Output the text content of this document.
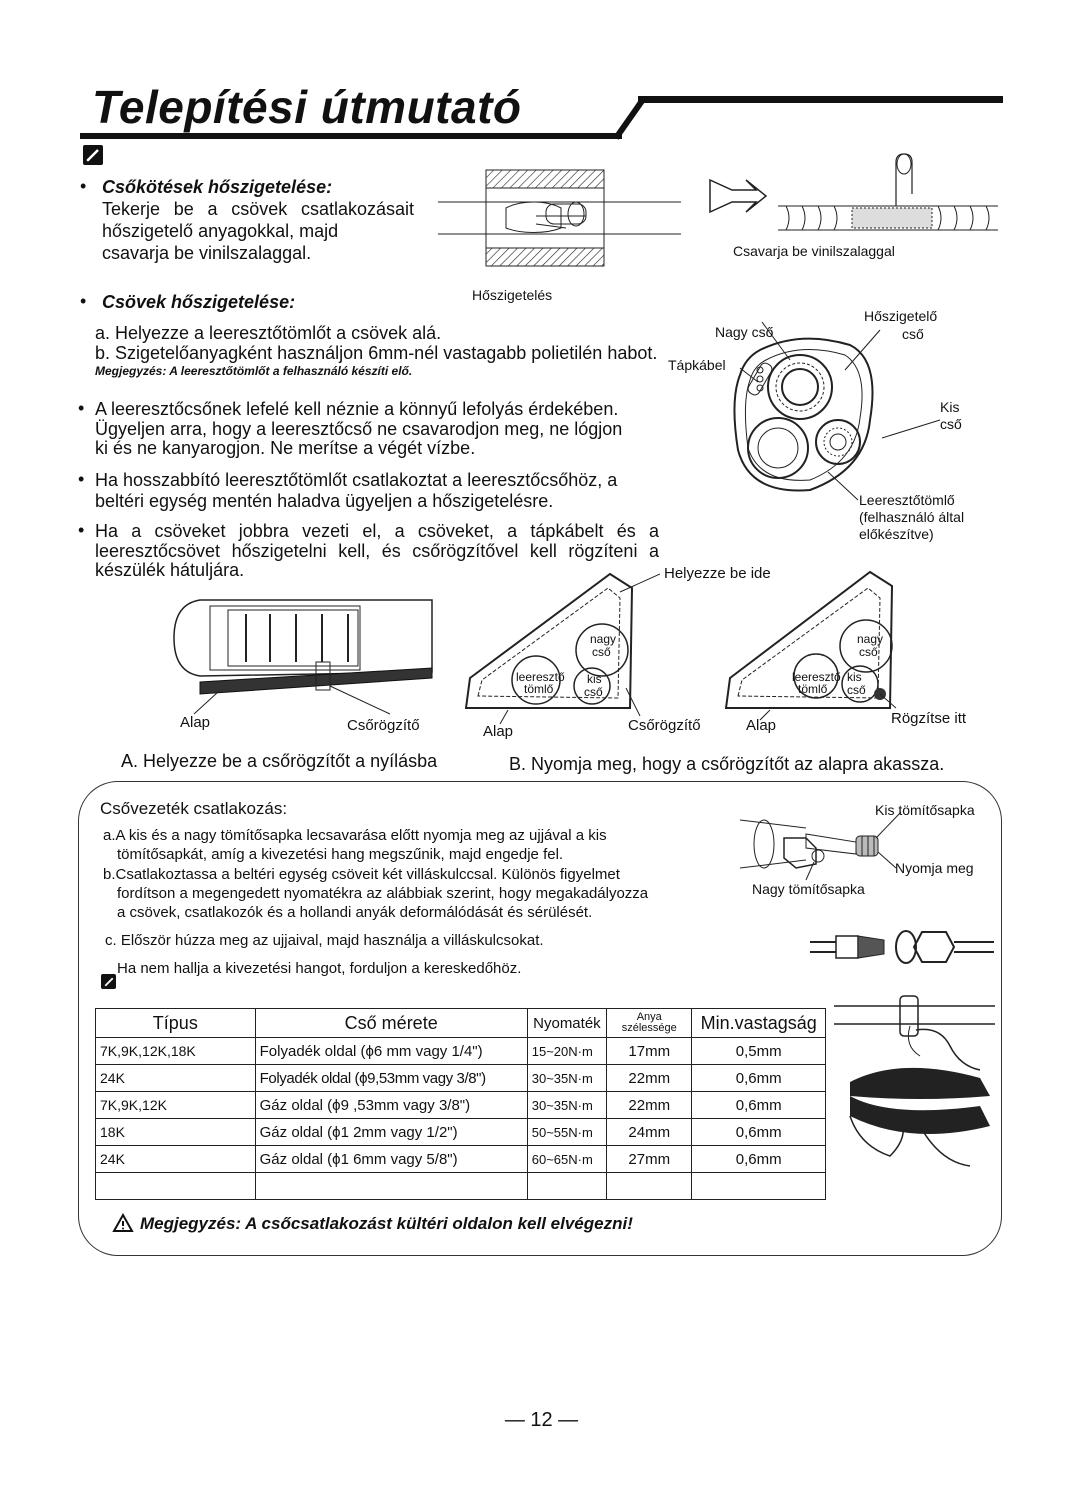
Telepítési útmutató
• Csőkötések hőszigetelése:
Tekerje be a csövek csatlakozásait
hőszigetelő anyagokkal, majd
csavarja be vinilszalaggal.
Hőszigetelés
Csavarja be vinilszalaggal
• Csövek hőszigetelése:
a. Helyezze a leeresztőtömlőt a csövek alá.
b. Szigetelőanyagként használjon 6mm-nél vastagabb polietilén habot.
Megjegyzés: A leeresztőtömlőt a felhasználó készíti elő.
• A leeresztőcsőnek lefelé kell néznie a könnyű lefolyás érdekében.
Ügyeljen arra, hogy a leeresztőcső ne csavarodjon meg, ne lógjon
ki és ne kanyarogjon. Ne merítse a végét vízbe.
• Ha hosszabbító leeresztőtömlőt csatlakoztat a leeresztőcsőhöz, a
beltéri egység mentén haladva ügyeljen a hőszigetelésre.
• Ha a csöveket jobbra vezeti el, a csöveket, a tápkábelt és a
leeresztőcsövet hőszigetelni kell, és csőrögzítővel kell rögzíteni a
készülék hátuljára.
Nagy cső
Hőszigetelő
cső
Tápkábel
Kis
cső
Leeresztőtömlő
(felhasználó által
előkészítve)
Alap	Csőrögzítő
Helyezze be ide
Alap	Csőrögzítő
nagy
cső
leeresztő
tömlő
kis
cső
Alap	Rögzítse itt
nagy
cső
leeresztő
tömlő
kis
cső
A. Helyezze be a csőrögzítőt a nyílásba	B. Nyomja meg, hogy a csőrögzítőt az alapra akassza.
Csővezeték csatlakozás:
a.A kis és a nagy tömítősapka lecsavarása előtt nyomja meg az ujjával a kis
tömítősapkát, amíg a kivezetési hang megszűnik, majd engedje fel.
b.Csatlakoztassa a beltéri egység csöveit két villáskulccsal. Különös figyelmet
fordítson a megengedett nyomatékra az alábbiak szerint, hogy megakadályozza
a csövek, csatlakozók és a hollandi anyák deformálódását és sérülését.
c. Először húzza meg az ujjaival, majd használja a villáskulcsokat.
Ha nem hallja a kivezetési hangot, forduljon a kereskedőhöz.
Kis tömítősapka
Nyomja meg
Nagy tömítősapka
Típus	Cső mérete	Nyomaték	Anya
szélessége	Min.vastagság
7K,9K,12K,18K	Folyadék oldal (ϕ6 mm vagy 1/4")	15~20N·m	17mm	0,5mm
24K	Folyadék oldal (ϕ9,53mm vagy 3/8")	30~35N·m	22mm	0,6mm
7K,9K,12K	Gáz oldal (ϕ9 ,53mm vagy 3/8")	30~35N·m	22mm	0,6mm
18K	Gáz oldal (ϕ1 2mm vagy 1/2")	50~55N·m	24mm	0,6mm
24K	Gáz oldal (ϕ1 6mm vagy 5/8")	60~65N·m	27mm	0,6mm

Megjegyzés: A csőcsatlakozást kültéri oldalon kell elvégezni!
— 12 —
